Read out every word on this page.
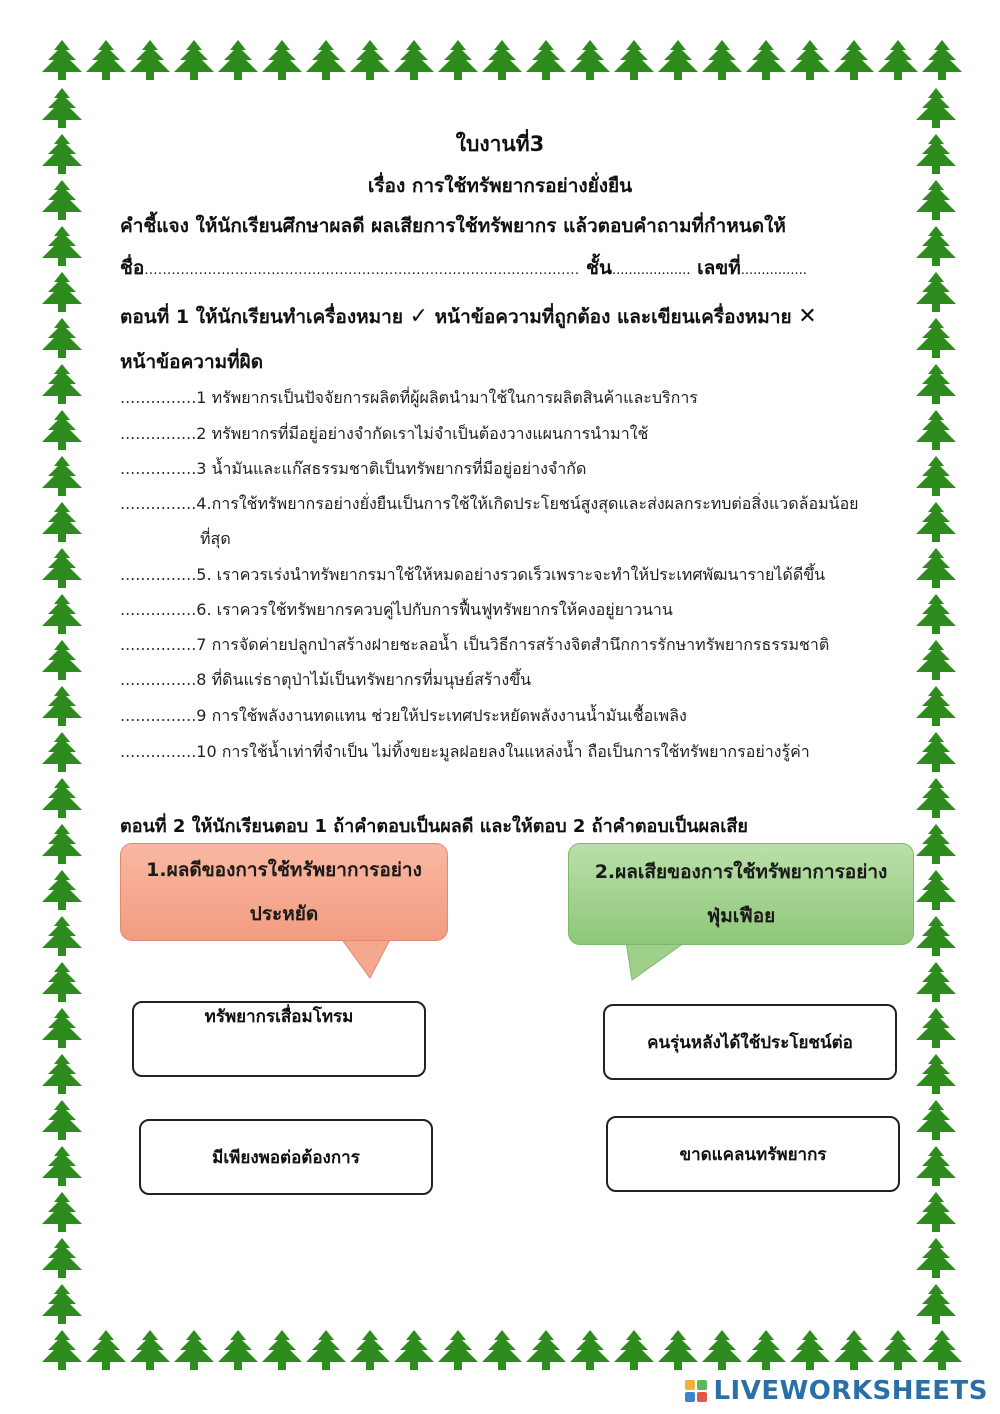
ใบงานที่3
เรื่อง การใช้ทรัพยากรอย่างยั่งยืน
คำชี้แจง ให้นักเรียนศึกษาผลดี ผลเสียการใช้ทรัพยากร แล้วตอบคำถามที่กำหนดให้
ชื่อ................................................................................................ ชั้น................... เลขที่................
ตอนที่ 1 ให้นักเรียนทำเครื่องหมาย ✓ หน้าข้อความที่ถูกต้อง และเขียนเครื่องหมาย ✕
หน้าข้อความที่ผิด
...............1 ทรัพยากรเป็นปัจจัยการผลิตที่ผู้ผลิตนำมาใช้ในการผลิตสินค้าและบริการ
...............2 ทรัพยากรที่มีอยู่อย่างจำกัดเราไม่จำเป็นต้องวางแผนการนำมาใช้
...............3 น้ำมันและแก๊สธรรมชาติเป็นทรัพยากรที่มีอยู่อย่างจำกัด
...............4.การใช้ทรัพยากรอย่างยั่งยืนเป็นการใช้ให้เกิดประโยชน์สูงสุดและส่งผลกระทบต่อสิ่งแวดล้อมน้อย
...............5. เราควรเร่งนำทรัพยากรมาใช้ให้หมดอย่างรวดเร็วเพราะจะทำให้ประเทศพัฒนารายได้ดีขึ้น
...............6. เราควรใช้ทรัพยากรควบคู่ไปกับการฟื้นฟูทรัพยากรให้คงอยู่ยาวนาน
...............7 การจัดค่ายปลูกป่าสร้างฝายชะลอน้ำ เป็นวิธีการสร้างจิตสำนึกการรักษาทรัพยากรธรรมชาติ
...............8 ที่ดินแร่ธาตุป่าไม้เป็นทรัพยากรที่มนุษย์สร้างขึ้น
...............9 การใช้พลังงานทดแทน ช่วยให้ประเทศประหยัดพลังงานน้ำมันเชื้อเพลิง
...............10 การใช้น้ำเท่าที่จำเป็น ไม่ทิ้งขยะมูลฝอยลงในแหล่งน้ำ ถือเป็นการใช้ทรัพยากรอย่างรู้ค่า
ที่สุด
ตอนที่ 2 ให้นักเรียนตอบ 1 ถ้าคำตอบเป็นผลดี และให้ตอบ 2 ถ้าคำตอบเป็นผลเสีย
1.ผลดีของการใช้ทรัพยาการอย่าง
ประหยัด
2.ผลเสียของการใช้ทรัพยาการอย่าง
ฟุ่มเฟือย
ทรัพยากรเสื่อมโทรม
มีเพียงพอต่อต้องการ
คนรุ่นหลังได้ใช้ประโยชน์ต่อ
ขาดแคลนทรัพยากร
LIVEWORKSHEETS
